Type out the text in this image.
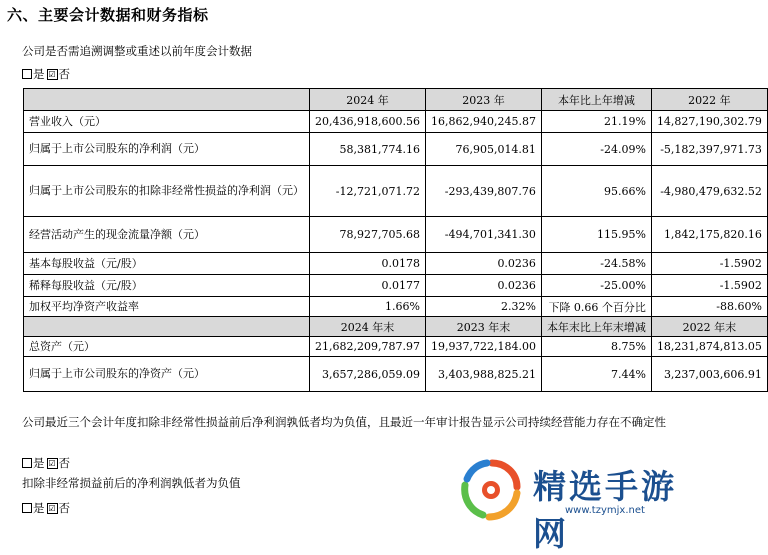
六、主要会计数据和财务指标
公司是否需追溯调整或重述以前年度会计数据
是 ☑ 否
	2024 年	2023 年	本年比上年增减	2022 年
营业收入（元）	20,436,918,600.56	16,862,940,245.87	21.19%	14,827,190,302.79
归属于上市公司股东的净利润（元）	58,381,774.16	76,905,014.81	-24.09%	-5,182,397,971.73
归属于上市公司股东的扣除非经常性损益的净利润（元）	-12,721,071.72	-293,439,807.76	95.66%	-4,980,479,632.52
经营活动产生的现金流量净额（元）	78,927,705.68	-494,701,341.30	115.95%	1,842,175,820.16
基本每股收益（元/股）	0.0178	0.0236	-24.58%	-1.5902
稀释每股收益（元/股）	0.0177	0.0236	-25.00%	-1.5902
加权平均净资产收益率	1.66%	2.32%	下降 0.66 个百分比	-88.60%
	2024 年末	2023 年末	本年末比上年末增减	2022 年末
总资产（元）	21,682,209,787.97	19,937,722,184.00	8.75%	18,231,874,813.05
归属于上市公司股东的净资产（元）	3,657,286,059.09	3,403,988,825.21	7.44%	3,237,003,606.91
公司最近三个会计年度扣除非经常性损益前后净利润孰低者均为负值，且最近一年审计报告显示公司持续经营能力存在不确定性
是 ☑ 否
扣除非经常损益前后的净利润孰低者为负值
是 ☑ 否
精选手游网
www.tzymjx.net
